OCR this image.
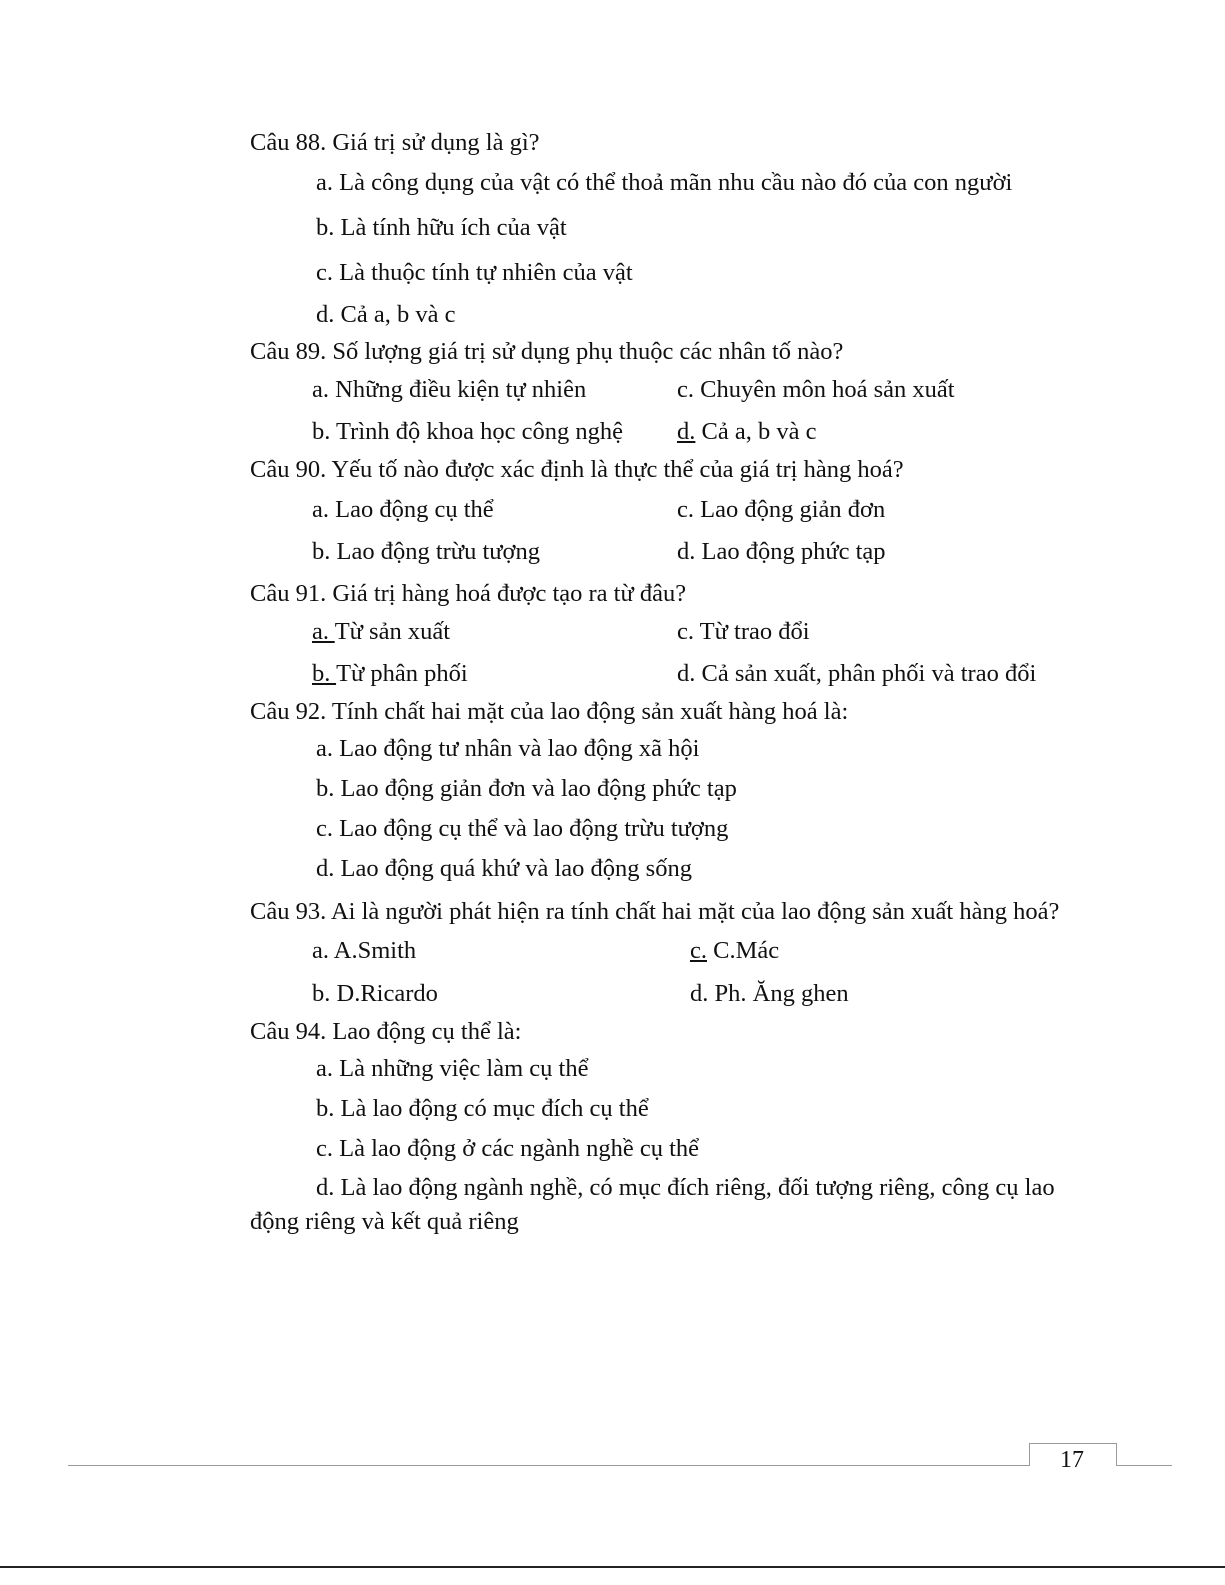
Câu 88. Giá trị sử dụng là gì?
a. Là công dụng của vật có thể thoả mãn nhu cầu nào đó của con người
b. Là tính hữu ích của vật
c. Là thuộc tính tự nhiên của vật
d. Cả a, b và c
Câu 89. Số lượng giá trị sử dụng phụ thuộc các nhân tố nào?
a. Những điều kiện tự nhiên	c. Chuyên môn hoá sản xuất
b. Trình độ khoa học công nghệ d. Cả a, b và c
Câu 90. Yếu tố nào được xác định là thực thể của giá trị hàng hoá?
a. Lao động cụ thể	c. Lao động giản đơn
b. Lao động trừu tượng	d. Lao động phức tạp
Câu 91. Giá trị hàng hoá được tạo ra từ đâu?
a. Từ sản xuất	c. Từ trao đổi
b. Từ phân phối	d. Cả sản xuất, phân phối và trao đổi
Câu 92. Tính chất hai mặt của lao động sản xuất hàng hoá là:
a. Lao động tư nhân và lao động xã hội
b. Lao động giản đơn và lao động phức tạp
c. Lao động cụ thể và lao động trừu tượng
d. Lao động quá khứ và lao động sống
Câu 93. Ai là người phát hiện ra tính chất hai mặt của lao động sản xuất hàng hoá?
a. A.Smith	c. C.Mác
b. D.Ricardo	d. Ph. Ăng ghen
Câu 94. Lao động cụ thể là:
a. Là những việc làm cụ thể
b. Là lao động có mục đích cụ thể
c. Là lao động ở các ngành nghề cụ thể
d. Là lao động ngành nghề, có mục đích riêng, đối tượng riêng, công cụ lao động riêng và kết quả riêng
17
